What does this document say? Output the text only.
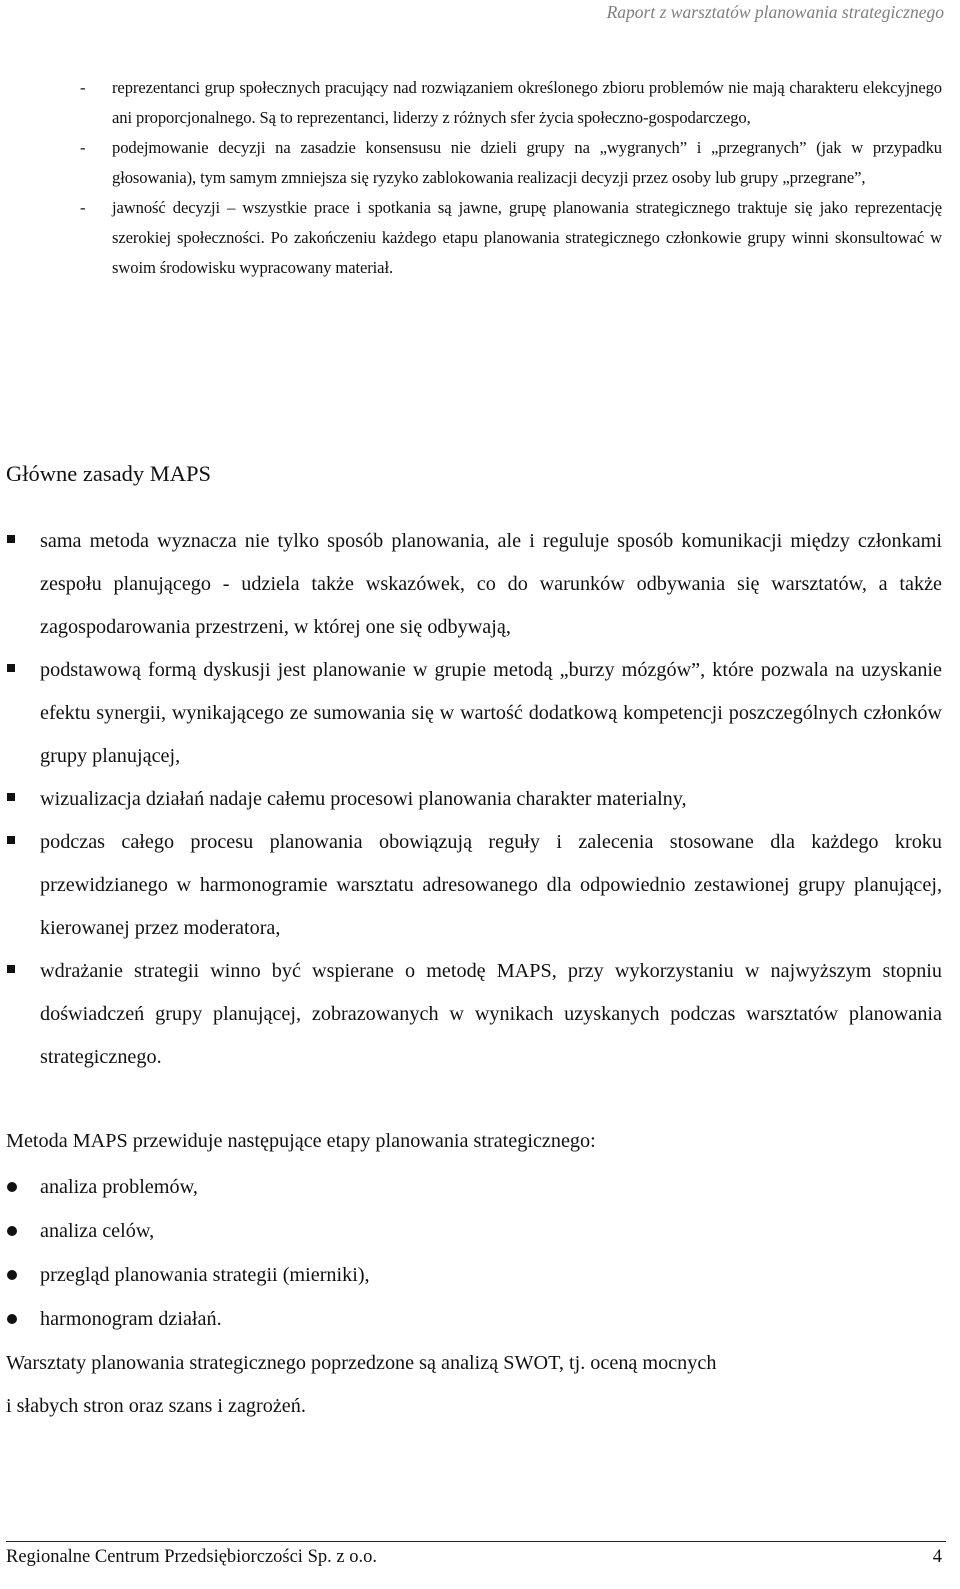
Raport z warsztatów planowania strategicznego
- reprezentanci grup społecznych pracujący nad rozwiązaniem określonego zbioru problemów nie mają charakteru elekcyjnego ani proporcjonalnego. Są to reprezentanci, liderzy z różnych sfer życia społeczno-gospodarczego,
- podejmowanie decyzji na zasadzie konsensusu nie dzieli grupy na „wygranych” i „przegranych” (jak w przypadku głosowania), tym samym zmniejsza się ryzyko zablokowania realizacji decyzji przez osoby lub grupy „przegrane”,
- jawność decyzji – wszystkie prace i spotkania są jawne, grupę planowania strategicznego traktuje się jako reprezentację szerokiej społeczności. Po zakończeniu każdego etapu planowania strategicznego członkowie grupy winni skonsultować w swoim środowisku wypracowany materiał.
Główne zasady MAPS
sama metoda wyznacza nie tylko sposób planowania, ale i reguluje sposób komunikacji między członkami zespołu planującego - udziela także wskazówek, co do warunków odbywania się warsztatów, a także zagospodarowania przestrzeni, w której one się odbywają,
podstawową formą dyskusji jest planowanie w grupie metodą „burzy mózgów”, które pozwala na uzyskanie efektu synergii, wynikającego ze sumowania się w wartość dodatkową kompetencji poszczególnych członków grupy planującej,
wizualizacja działań nadaje całemu procesowi planowania charakter materialny,
podczas całego procesu planowania obowiązują reguły i zalecenia stosowane dla każdego kroku przewidzianego w harmonogramie warsztatu adresowanego dla odpowiednio zestawionej grupy planującej, kierowanej przez moderatora,
wdrażanie strategii winno być wspierane o metodę MAPS, przy wykorzystaniu w najwyższym stopniu doświadczeń grupy planującej, zobrazowanych w wynikach uzyskanych podczas warsztatów planowania strategicznego.
Metoda MAPS przewiduje następujące etapy planowania strategicznego:
analiza problemów,
analiza celów,
przegląd planowania strategii (mierniki),
harmonogram działań.
Warsztaty planowania strategicznego poprzedzone są analizą SWOT, tj. oceną mocnych
i słabych stron oraz szans i zagrożeń.
Regionalne Centrum Przedsiębiorczości Sp. z o.o.	4
